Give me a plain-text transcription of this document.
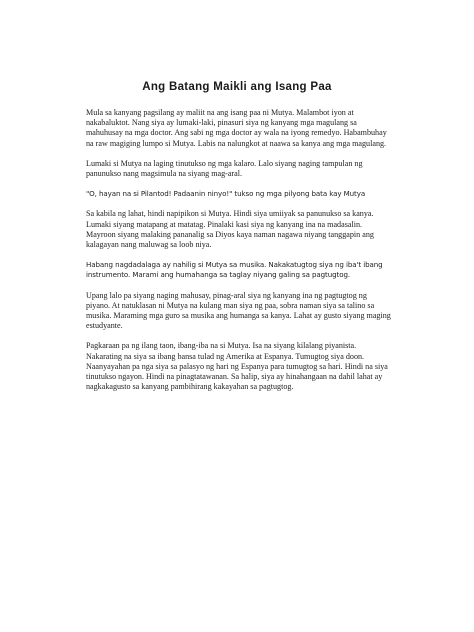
Ang Batang Maikli ang Isang Paa

Mula sa kanyang pagsilang ay maliit na ang isang paa ni Mutya. Malambot iyon at nakabaluktot. Nang siya ay lumaki-laki, pinasuri siya ng kanyang mga magulang sa mahuhusay na mga doctor. Ang sabi ng mga doctor ay wala na iyong remedyo. Habambuhay na raw magiging lumpo si Mutya. Labis na nalungkot at naawa sa kanya ang mga magulang.

Lumaki si Mutya na laging tinutukso ng mga kalaro. Lalo siyang naging tampulan ng panunukso nang magsimula na siyang mag-aral.

"O, hayan na si Pilantod! Padaanin ninyo!" tukso ng mga pilyong bata kay Mutya

Sa kabila ng lahat, hindi napipikon si Mutya. Hindi siya umiiyak sa panunukso sa kanya. Lumaki siyang matapang at matatag. Pinalaki kasi siya ng kanyang ina na madasalin. Mayroon siyang malaking pananalig sa Diyos kaya naman nagawa niyang tanggapin ang kalagayan nang maluwag sa loob niya.

Habang nagdadalaga ay nahilig si Mutya sa musika. Nakakatugtog siya ng iba't ibang instrumento. Marami ang humahanga sa taglay niyang galing sa pagtugtog.

Upang lalo pa siyang naging mahusay, pinag-aral siya ng kanyang ina ng pagtugtog ng piyano. At natuklasan ni Mutya na kulang man siya ng paa, sobra naman siya sa talino sa musika. Maraming mga guro sa musika ang humanga sa kanya. Lahat ay gusto siyang maging estudyante.

Pagkaraan pa ng ilang taon, ibang-iba na si Mutya. Isa na siyang kilalang piyanista. Nakarating na siya sa ibang bansa tulad ng Amerika at Espanya. Tumugtog siya doon. Naanyayahan pa nga siya sa palasyo ng hari ng Espanya para tumugtog sa hari. Hindi na siya tinutukso ngayon. Hindi na pinagtatawanan. Sa halip, siya ay hinahangaan na dahil lahat ay nagkakagusto sa kanyang pambihirang kakayahan sa pagtugtog.
